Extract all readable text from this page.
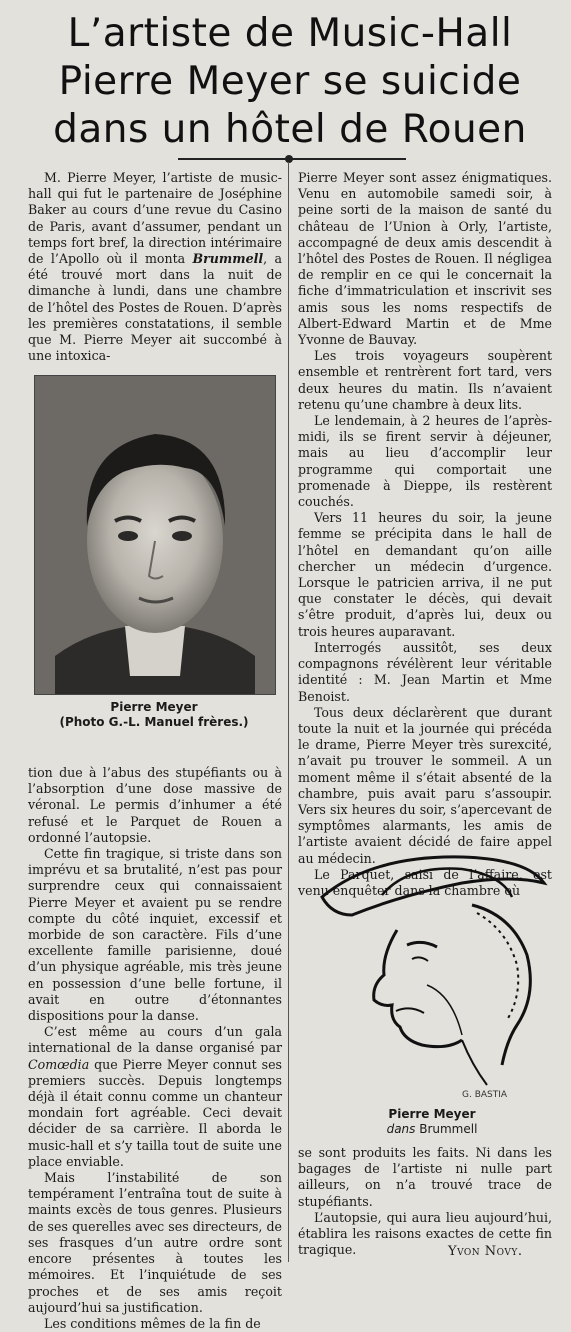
L’artiste de Music-Hall
Pierre Meyer se suicide
dans un hôtel de Rouen

M. Pierre Meyer, l’artiste de music-hall qui fut le partenaire de Joséphine Baker au cours d’une revue du Casino de Paris, avant d’assumer, pendant un temps fort bref, la direction intérimaire de l’Apollo où il monta Brummell, a été trouvé mort dans la nuit de dimanche à lundi, dans une chambre de l’hôtel des Postes de Rouen. D’après les premières constatations, il semble que M. Pierre Meyer ait succombé à une intoxica-

Pierre Meyer
(Photo G.-L. Manuel frères.)

tion due à l’abus des stupéfiants ou à l’absorption d’une dose massive de véronal. Le permis d’inhumer a été refusé et le Parquet de Rouen a ordonné l’autopsie.

Cette fin tragique, si triste dans son imprévu et sa brutalité, n’est pas pour surprendre ceux qui connaissaient Pierre Meyer et avaient pu se rendre compte du côté inquiet, excessif et morbide de son caractère. Fils d’une excellente famille parisienne, doué d’un physique agréable, mis très jeune en possession d’une belle fortune, il avait en outre d’étonnantes dispositions pour la danse.

C’est même au cours d’un gala international de la danse organisé par Comœdia que Pierre Meyer connut ses premiers succès. Depuis longtemps déjà il était connu comme un chanteur mondain fort agréable. Ceci devait décider de sa carrière. Il aborda le music-hall et s’y tailla tout de suite une place enviable.

Mais l’instabilité de son tempérament l’entraîna tout de suite à maints excès de tous genres. Plusieurs de ses querelles avec ses directeurs, de ses frasques d’un autre ordre sont encore présentes à toutes les mémoires. Et l’inquiétude de ses proches et de ses amis reçoit aujourd’hui sa justification.

Les conditions mêmes de la fin de

Pierre Meyer sont assez énigmatiques. Venu en automobile samedi soir, à peine sorti de la maison de santé du château de l’Union à Orly, l’artiste, accompagné de deux amis descendit à l’hôtel des Postes de Rouen. Il négligea de remplir en ce qui le concernait la fiche d’immatriculation et inscrivit ses amis sous les noms respectifs de Albert-Edward Martin et de Mme Yvonne de Bauvay.

Les trois voyageurs soupèrent ensemble et rentrèrent fort tard, vers deux heures du matin. Ils n’avaient retenu qu’une chambre à deux lits.

Le lendemain, à 2 heures de l’après-midi, ils se firent servir à déjeuner, mais au lieu d’accomplir leur programme qui comportait une promenade à Dieppe, ils restèrent couchés.

Vers 11 heures du soir, la jeune femme se précipita dans le hall de l’hôtel en demandant qu’on aille chercher un médecin d’urgence. Lorsque le patricien arriva, il ne put que constater le décès, qui devait s’être produit, d’après lui, deux ou trois heures auparavant.

Interrogés aussitôt, ses deux compagnons révélèrent leur véritable identité : M. Jean Martin et Mme Benoist.

Tous deux déclarèrent que durant toute la nuit et la journée qui précéda le drame, Pierre Meyer très surexcité, n’avait pu trouver le sommeil. A un moment même il s’était absenté de la chambre, puis avait paru s’assoupir. Vers six heures du soir, s’apercevant de symptômes alarmants, les amis de l’artiste avaient décidé de faire appel au médecin.

Le Parquet, saisi de l’affaire, est venu enquêter dans la chambre où

G. BASTIA
Pierre Meyer
dans Brummell

se sont produits les faits. Ni dans les bagages de l’artiste ni nulle part ailleurs, on n’a trouvé trace de stupéfiants.

L’autopsie, qui aura lieu aujourd’hui, établira les raisons exactes de cette fin tragique.	Yvon Novy.
